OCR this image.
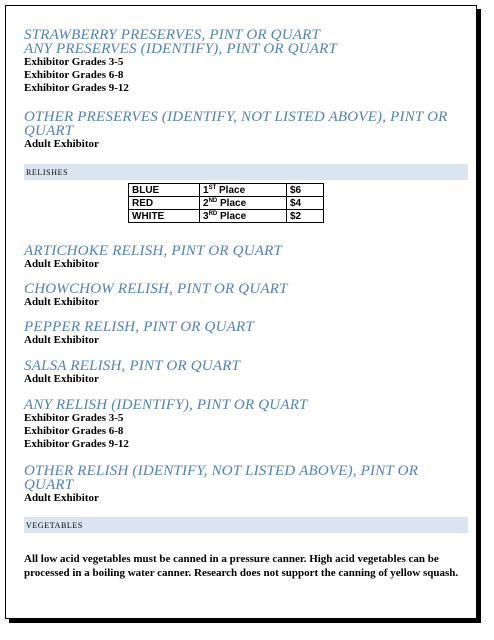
STRAWBERRY PRESERVES, PINT OR QUART

ANY PRESERVES (IDENTIFY), PINT OR QUART

Exhibitor Grades 3-5

Exhibitor Grades 6-8

Exhibitor Grades 9-12

OTHER PRESERVES (IDENTIFY, NOT LISTED ABOVE), PINT OR

QUART

Adult Exhibitor

RELISHES
BLUE	1ST Place	$6
RED	2ND Place	$4
WHITE	3RD Place	$2

ARTICHOKE RELISH, PINT OR QUART

Adult Exhibitor

CHOWCHOW RELISH, PINT OR QUART

Adult Exhibitor

PEPPER RELISH, PINT OR QUART

Adult Exhibitor

SALSA RELISH, PINT OR QUART

Adult Exhibitor

ANY RELISH (IDENTIFY), PINT OR QUART

Exhibitor Grades 3-5

Exhibitor Grades 6-8

Exhibitor Grades 9-12

OTHER RELISH (IDENTIFY, NOT LISTED ABOVE), PINT OR

QUART

Adult Exhibitor

VEGETABLES

All low acid vegetables must be canned in a pressure canner. High acid vegetables can be processed in a boiling water canner. Research does not support the canning of yellow squash.
